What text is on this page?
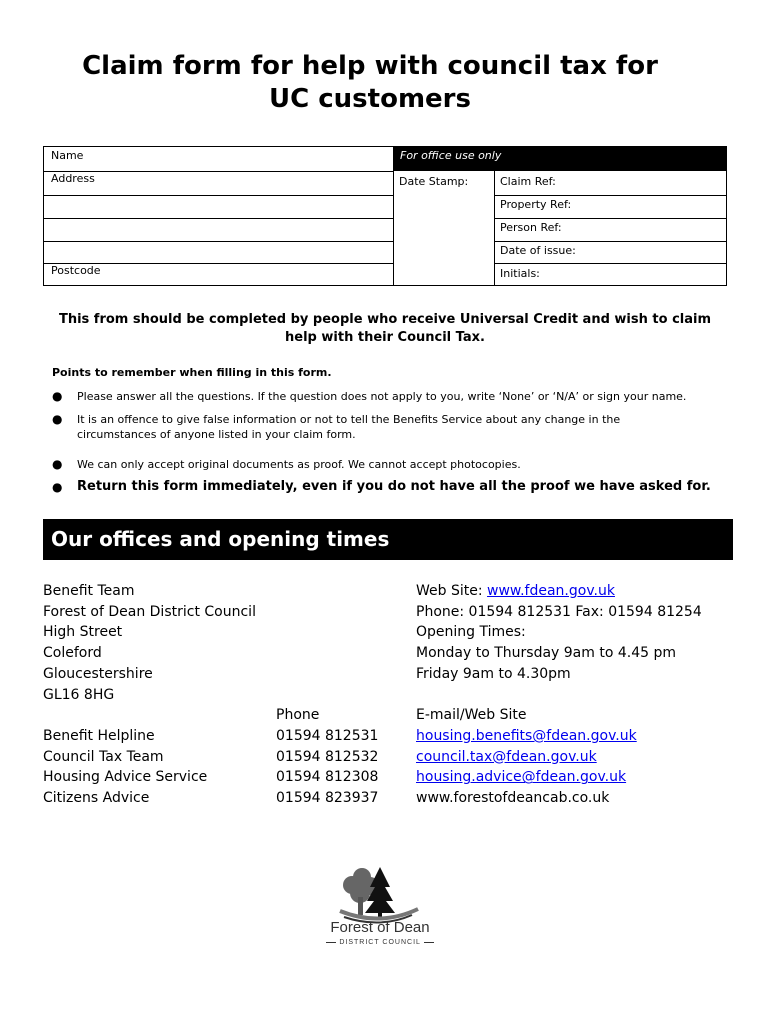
Claim form for help with council tax for
UC customers
For office use only
Name
Address
Postcode
Date Stamp:	Claim Ref:
Property Ref:
Person Ref:
Date of issue:
Initials:
This from should be completed by people who receive Universal Credit and wish to claim
help with their Council Tax.
Points to remember when filling in this form.
● Please answer all the questions. If the question does not apply to you, write ‘None’ or ‘N/A’ or sign your name.
● It is an offence to give false information or not to tell the Benefits Service about any change in the
circumstances of anyone listed in your claim form.
● We can only accept original documents as proof. We cannot accept photocopies.
● Return this form immediately, even if you do not have all the proof we have asked for.
Our offices and opening times
Benefit Team
Forest of Dean District Council
High Street
Coleford
Gloucestershire
GL16 8HG
Web Site: www.fdean.gov.uk
Phone: 01594 812531 Fax: 01594 81254
Opening Times:
Monday to Thursday 9am to 4.45 pm
Friday 9am to 4.30pm
Phone	E-mail/Web Site
Benefit Helpline
Council Tax Team
Housing Advice Service
Citizens Advice
01594 812531
01594 812532
01594 812308
01594 823937
housing.benefits@fdean.gov.uk
council.tax@fdean.gov.uk
housing.advice@fdean.gov.uk
www.forestofdeancab.co.uk
Forest of Dean
DISTRICT COUNCIL
